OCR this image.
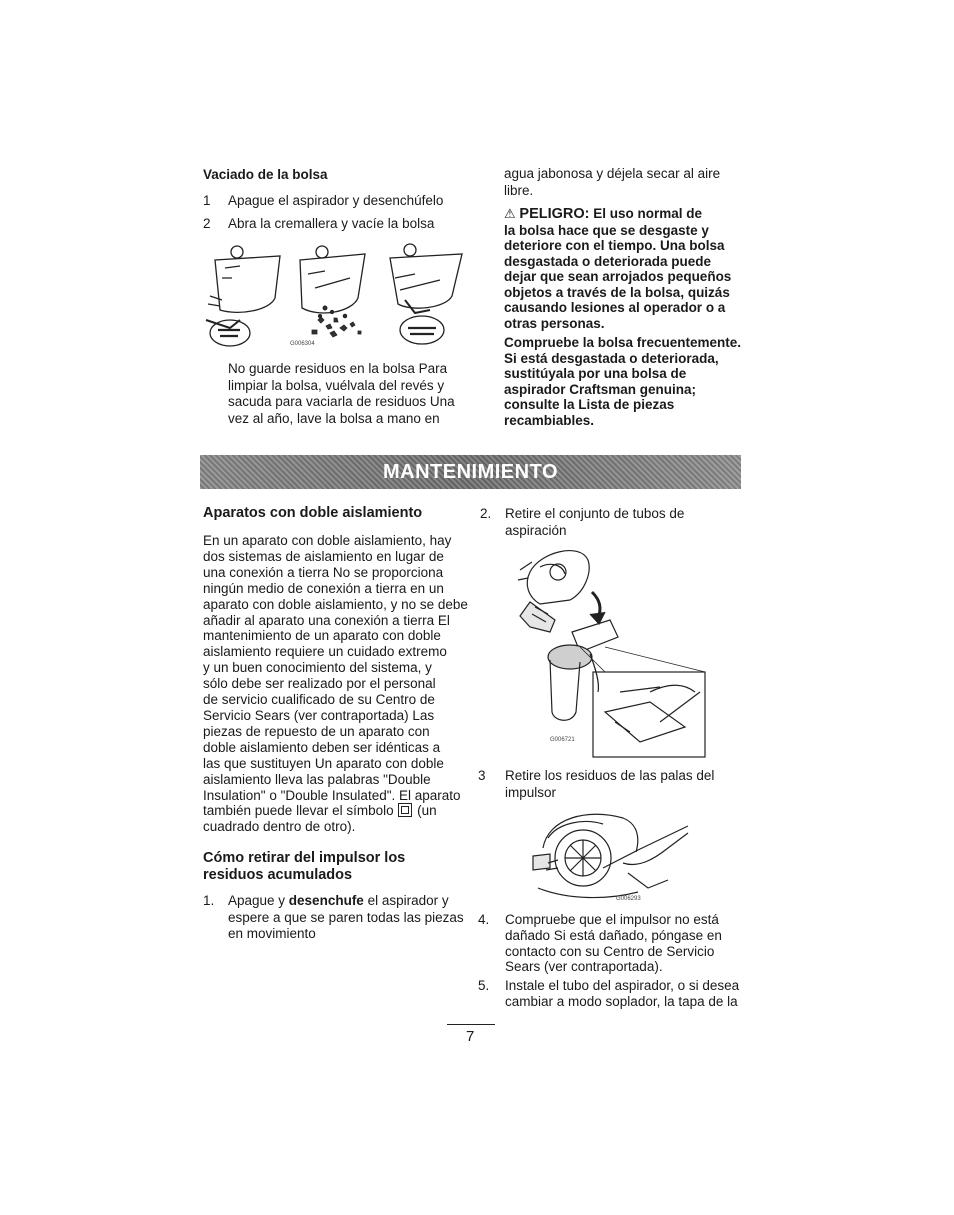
Vaciado de la bolsa
1 Apague el aspirador y desenchúfelo
2 Abra la cremallera y vacíe la bolsa
G006304
No guarde residuos en la bolsa Para
limpiar la bolsa, vuélvala del revés y
sacuda para vaciarla de residuos Una
vez al año, lave la bolsa a mano en
agua jabonosa y déjela secar al aire
libre.
⚠ PELIGRO: El uso normal de
la bolsa hace que se desgaste y
deteriore con el tiempo. Una bolsa
desgastada o deteriorada puede
dejar que sean arrojados pequeños
objetos a través de la bolsa, quizás
causando lesiones al operador o a
otras personas.
Compruebe la bolsa frecuentemente.
Si está desgastada o deteriorada,
sustitúyala por una bolsa de
aspirador Craftsman genuina;
consulte la Lista de piezas
recambiables.
MANTENIMIENTO
Aparatos con doble aislamiento
En un aparato con doble aislamiento, hay
dos sistemas de aislamiento en lugar de
una conexión a tierra No se proporciona
ningún medio de conexión a tierra en un
aparato con doble aislamiento, y no se debe
añadir al aparato una conexión a tierra El
mantenimiento de un aparato con doble
aislamiento requiere un cuidado extremo
y un buen conocimiento del sistema, y
sólo debe ser realizado por el personal
de servicio cualificado de su Centro de
Servicio Sears (ver contraportada) Las
piezas de repuesto de un aparato con
doble aislamiento deben ser idénticas a
las que sustituyen Un aparato con doble
aislamiento lleva las palabras "Double
Insulation" o "Double Insulated". El aparato
también puede llevar el símbolo (un
cuadrado dentro de otro).
Cómo retirar del impulsor los
residuos acumulados
1. Apague y desenchufe el aspirador y
espere a que se paren todas las piezas
en movimiento
2. Retire el conjunto de tubos de
aspiración
G006721
3 Retire los residuos de las palas del
impulsor
G006293
4. Compruebe que el impulsor no está
dañado Si está dañado, póngase en
contacto con su Centro de Servicio
Sears (ver contraportada).
5. Instale el tubo del aspirador, o si desea
cambiar a modo soplador, la tapa de la
7
